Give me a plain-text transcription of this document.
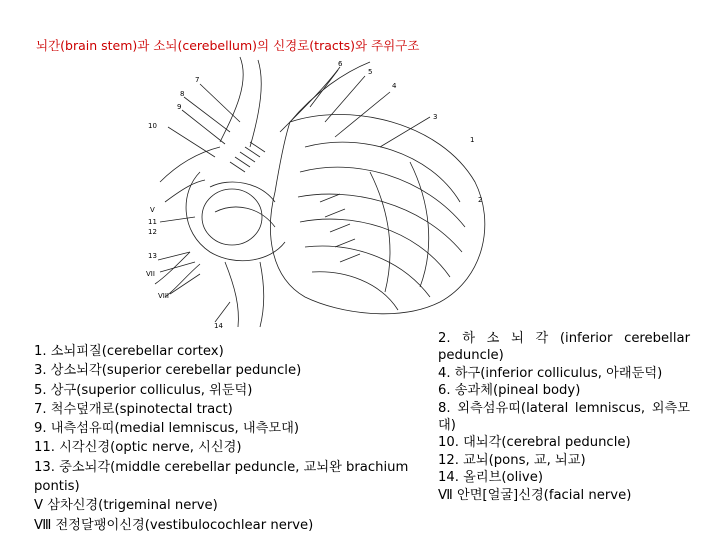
뇌간(brain stem)과 소뇌(cerebellum)의 신경로(tracts)와 주위구조
6
5
4
3
7
8
9
10
11
12
13
14
1
2
VII
VIII
V
1. 소뇌피질(cerebellar cortex)
3. 상소뇌각(superior cerebellar peduncle)
5. 상구(superior colliculus, 위둔덕)
7. 척수덮개로(spinotectal tract)
9. 내측섬유띠(medial lemniscus, 내측모대)
11. 시각신경(optic nerve, 시신경)
13. 중소뇌각(middle cerebellar peduncle, 교뇌완 brachium pontis)
Ⅴ 삼차신경(trigeminal nerve)
Ⅷ 전정달팽이신경(vestibulocochlear nerve)
2. 하 소 뇌 각 (inferior cerebellar peduncle)
4. 하구(inferior colliculus, 아래둔덕)
6. 송과체(pineal body)
8. 외측섬유띠(lateral lemniscus, 외측모대)
10. 대뇌각(cerebral peduncle)
12. 교뇌(pons, 교, 뇌교)
14. 올리브(olive)
Ⅶ 안면[얼굴]신경(facial nerve)
